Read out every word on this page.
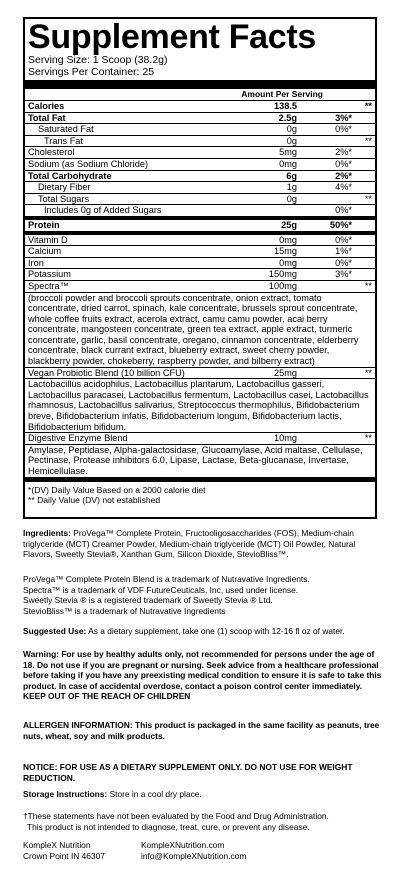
Supplement Facts
Serving Size: 1 Scoop (38.2g)
Servings Per Container: 25
Amount Per Serving
Calories	138.5	**
Total Fat	2.5g	3%*
Saturated Fat	0g	0%*
Trans Fat	0g	**
Cholesterol	5mg	2%*
Sodium (as Sodium Chloride)	0mg	0%*
Total Carbohydrate	6g	2%*
Dietary Fiber	1g	4%*
Total Sugars	0g	**
Includes 0g of Added Sugars	0%*
Protein	25g	50%*
Vitamin D	0mg	0%*
Calcium	15mg	1%*
Iron	0mg	0%*
Potassium	150mg	3%*
Spectra™	100mg	**
(broccoli powder and broccoli sprouts concentrate, onion extract, tomato concentrate, dried carrot, spinach, kale concentrate, brussels sprout concentrate, whole coffee fruits extract, acerola extract, camu camu powder, acai berry concentrate, mangosteen concentrate, green tea extract, apple extract, turmeric concentrate, garlic, basil concentrate, oregano, cinnamon concentrate, elderberry concentrate, black currant extract, blueberry extract, sweet cherry powder, blackberry powder, chokeberry, raspberry powder, and bilberry extract)
Vegan Probiotic Blend (10 billion CFU)	25mg	**
Lactobacillus acidophilus, Lactobacillus plantarum, Lactobacillus gasseri, Lactobacillus paracasei, Lactobacillus fermentum, Lactobacillus casei, Lactobacillus rhamnosus, Lactobacillus salivarius, Streptococcus thermophilus, Bifidobacterium breve, Bifidobacterium infatis, Bifidobacterium longum, Bifidobacterium lactis, Bifidobacterium bifidum.
Digestive Enzyme Blend	10mg	**
Amylase, Peptidase, Alpha-galactosidase, Glucoamylase, Acid maltase, Cellulase, Pectinase, Protease inhibitors 6.0, Lipase, Lactase, Beta-glucanase, Invertase, Hemicellulase.
*(DV) Daily Value Based on a 2000 calorie diet
** Daily Value (DV) not established
Ingredients: ProVega™ Complete Protein, Fructooligosaccharides (FOS), Medium-chain triglyceride (MCT) Creamer Powder, Medium-chain triglyceride (MCT) Oil Powder, Natural Flavors, Sweetly Stevia®, Xanthan Gum, Silicon Dioxide, StevioBliss™.
ProVega™ Complete Protein Blend is a trademark of Nutravative Ingredients.
Spectra™ is a trademark of VDF FutureCeuticals, Inc, used under license.
Sweetly Stevia ® is a registered trademark of Sweetly Stevia ® Ltd.
StevioBliss™ is a trademark of Nutravative Ingredients
Suggested Use: As a dietary supplement, take one (1) scoop with 12-16 fl oz of water.
Warning: For use by healthy adults only, not recommended for persons under the age of 18. Do not use if you are pregnant or nursing. Seek advice from a healthcare professional before taking if you have any preexisting medical condition to ensure it is safe to take this product. In case of accidental overdose, contact a poison control center immediately. KEEP OUT OF THE REACH OF CHILDREN
ALLERGEN INFORMATION: This product is packaged in the same facility as peanuts, tree nuts, wheat, soy and milk products.
NOTICE: FOR USE AS A DIETARY SUPPLEMENT ONLY. DO NOT USE FOR WEIGHT REDUCTION.
Storage Instructions: Store in a cool dry place.
†These statements have not been evaluated by the Food and Drug Administration.
This product is not intended to diagnose, treat, cure, or prevent any disease.
KompleX Nutrition	KompleXNutrition.com
Crown Point IN 46307	info@KompleXNutrition.com
